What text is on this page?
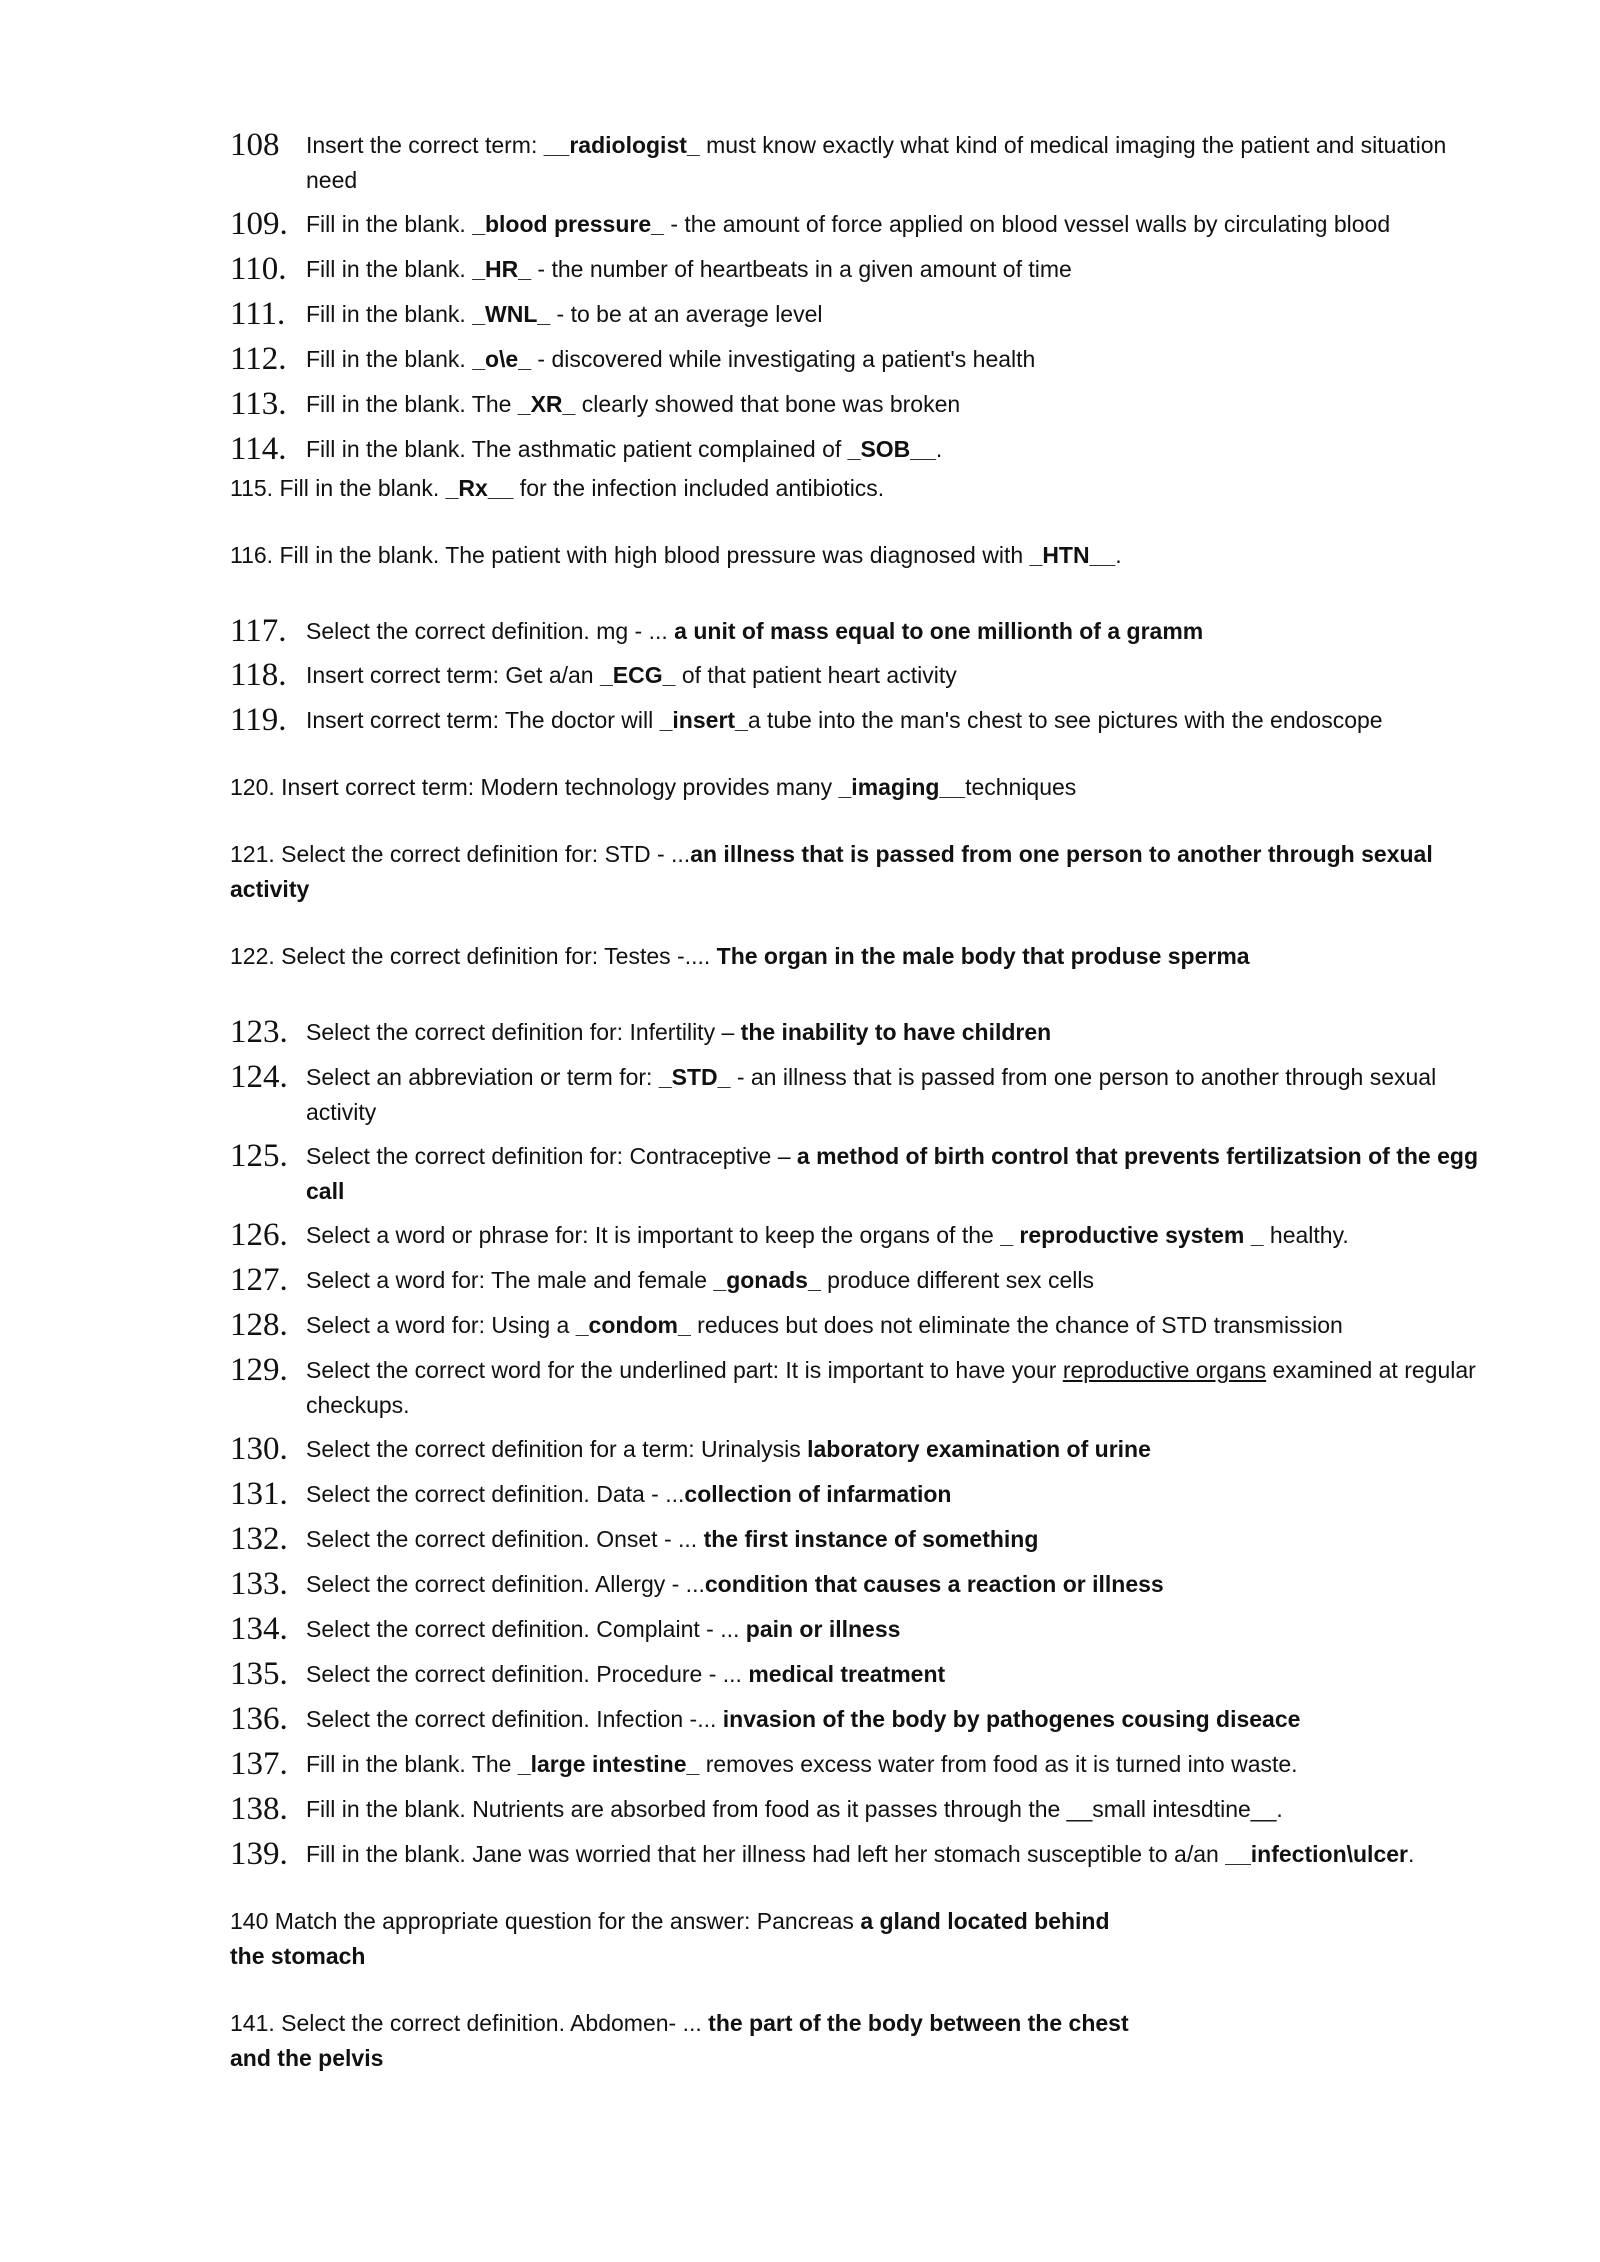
108 Insert the correct term: __radiologist_ must know exactly what kind of medical imaging the patient and situation need
109. Fill in the blank. _blood pressure_ - the amount of force applied on blood vessel walls by circulating blood
110. Fill in the blank. _HR_ - the number of heartbeats in a given amount of time
111. Fill in the blank. _WNL_ - to be at an average level
112. Fill in the blank. _o\e_ - discovered while investigating a patient's health
113. Fill in the blank. The _XR_ clearly showed that bone was broken
114. Fill in the blank. The asthmatic patient complained of _SOB__.
115. Fill in the blank. _Rx__ for the infection included antibiotics.
116. Fill in the blank. The patient with high blood pressure was diagnosed with _HTN__.
117. Select the correct definition. mg - ... a unit of mass equal to one millionth of a gramm
118. Insert correct term: Get a/an _ECG_ of that patient heart activity
119. Insert correct term: The doctor will _insert_a tube into the man's chest to see pictures with the endoscope
120. Insert correct term: Modern technology provides many _imaging__techniques
121. Select the correct definition for: STD - ...an illness that is passed from one person to another through sexual activity
122. Select the correct definition for: Testes -.... The organ in the male body that produse sperma
123. Select the correct definition for: Infertility – the inability to have children
124. Select an abbreviation or term for: _STD_ - an illness that is passed from one person to another through sexual activity
125. Select the correct definition for: Contraceptive – a method of birth control that prevents fertilizatsion of the egg call
126. Select a word or phrase for: It is important to keep the organs of the _ reproductive system _ healthy.
127. Select a word for: The male and female _gonads_ produce different sex cells
128. Select a word for: Using a _condom_ reduces but does not eliminate the chance of STD transmission
129. Select the correct word for the underlined part: It is important to have your reproductive organs examined at regular checkups.
130. Select the correct definition for a term: Urinalysis laboratory examination of urine
131. Select the correct definition. Data - ...collection of infarmation
132. Select the correct definition. Onset - ... the first instance of something
133. Select the correct definition. Allergy - ...condition that causes a reaction or illness
134. Select the correct definition. Complaint - ... pain or illness
135. Select the correct definition. Procedure - ... medical treatment
136. Select the correct definition. Infection -... invasion of the body by pathogenes cousing diseace
137. Fill in the blank. The _large intestine_ removes excess water from food as it is turned into waste.
138. Fill in the blank. Nutrients are absorbed from food as it passes through the __small intesdtine__.
139. Fill in the blank. Jane was worried that her illness had left her stomach susceptible to a/an __infection\ulcer.
140 Match the appropriate question for the answer: Pancreas a gland located behind the stomach
141. Select the correct definition. Abdomen- ... the part of the body between the chest and the pelvis
